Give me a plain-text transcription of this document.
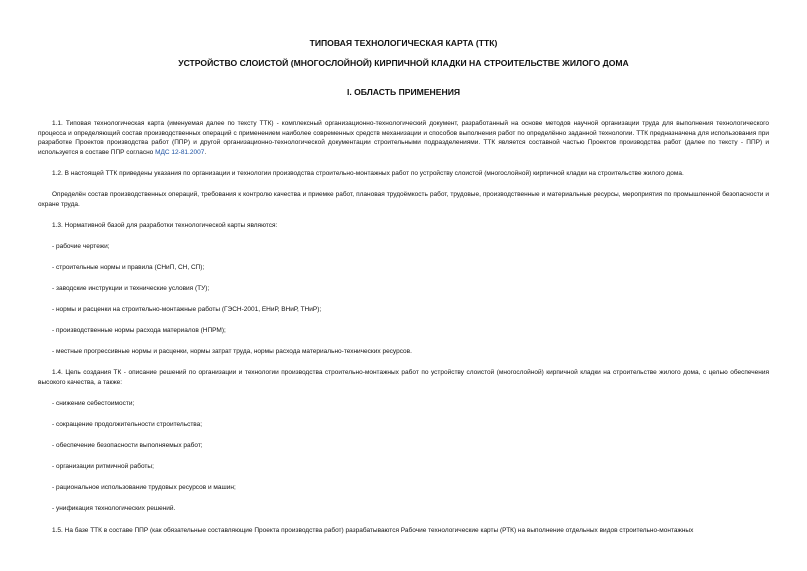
ТИПОВАЯ ТЕХНОЛОГИЧЕСКАЯ КАРТА (ТТК)
УСТРОЙСТВО СЛОИСТОЙ (МНОГОСЛОЙНОЙ) КИРПИЧНОЙ КЛАДКИ НА СТРОИТЕЛЬСТВЕ ЖИЛОГО ДОМА
I. ОБЛАСТЬ ПРИМЕНЕНИЯ

1.1. Типовая технологическая карта (именуемая далее по тексту ТТК) - комплексный организационно-технологический документ, разработанный на основе методов научной организации труда для выполнения технологического процесса и определяющий состав производственных операций с применением наиболее современных средств механизации и способов выполнения работ по определённо заданной технологии. ТТК предназначена для использования при разработке Проектов производства работ (ППР) и другой организационно-технологической документации строительными подразделениями. ТТК является составной частью Проектов производства работ (далее по тексту - ППР) и используется в составе ППР согласно МДС 12-81.2007.

1.2. В настоящей ТТК приведены указания по организации и технологии производства строительно-монтажных работ по устройству слоистой (многослойной) кирпичной кладки на строительстве жилого дома.

Определён состав производственных операций, требования к контролю качества и приемке работ, плановая трудоёмкость работ, трудовые, производственные и материальные ресурсы, мероприятия по промышленной безопасности и охране труда.

1.3. Нормативной базой для разработки технологической карты являются:

- рабочие чертежи;

- строительные нормы и правила (СНиП, СН, СП);

- заводские инструкции и технические условия (ТУ);

- нормы и расценки на строительно-монтажные работы (ГЭСН-2001, ЕНиР, ВНиР, ТНиР);

- производственные нормы расхода материалов (НПРМ);

- местные прогрессивные нормы и расценки, нормы затрат труда, нормы расхода материально-технических ресурсов.

1.4. Цель создания ТК - описание решений по организации и технологии производства строительно-монтажных работ по устройству слоистой (многослойной) кирпичной кладки на строительстве жилого дома, с целью обеспечения высокого качества, а также:

- снижение себестоимости;

- сокращение продолжительности строительства;

- обеспечение безопасности выполняемых работ;

- организации ритмичной работы;

- рациональное использование трудовых ресурсов и машин;

- унификация технологических решений.

1.5. На базе ТТК в составе ППР (как обязательные составляющие Проекта производства работ) разрабатываются Рабочие технологические карты (РТК) на выполнение отдельных видов строительно-монтажных
